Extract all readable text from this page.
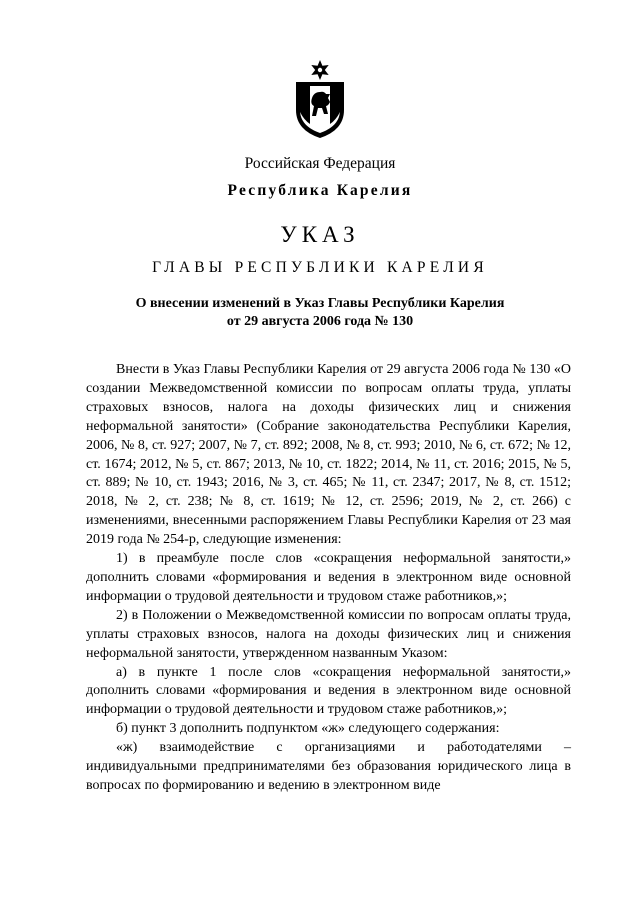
Российская Федерация
Республика Карелия
УКАЗ
ГЛАВЫ РЕСПУБЛИКИ КАРЕЛИЯ
О внесении изменений в Указ Главы Республики Карелия
от 29 августа 2006 года № 130

Внести в Указ Главы Республики Карелия от 29 августа 2006 года № 130 «О создании Межведомственной комиссии по вопросам оплаты труда, уплаты страховых взносов, налога на доходы физических лиц и снижения неформальной занятости» (Собрание законодательства Республики Карелия, 2006, № 8, ст. 927; 2007, № 7, ст. 892; 2008, № 8, ст. 993; 2010, № 6, ст. 672; № 12, ст. 1674; 2012, № 5, ст. 867; 2013, № 10, ст. 1822; 2014, № 11, ст. 2016; 2015, № 5, ст. 889; № 10, ст. 1943; 2016, № 3, ст. 465; № 11, ст. 2347; 2017, № 8, ст. 1512; 2018, № 2, ст. 238; № 8, ст. 1619; № 12, ст. 2596; 2019, № 2, ст. 266) с изменениями, внесенными распоряжением Главы Республики Карелия от 23 мая 2019 года № 254-р, следующие изменения:

1) в преамбуле после слов «сокращения неформальной занятости,» дополнить словами «формирования и ведения в электронном виде основной информации о трудовой деятельности и трудовом стаже работников,»;

2) в Положении о Межведомственной комиссии по вопросам оплаты труда, уплаты страховых взносов, налога на доходы физических лиц и снижения неформальной занятости, утвержденном названным Указом:

а) в пункте 1 после слов «сокращения неформальной занятости,» дополнить словами «формирования и ведения в электронном виде основной информации о трудовой деятельности и трудовом стаже работников,»;

б) пункт 3 дополнить подпунктом «ж» следующего содержания:

«ж) взаимодействие с организациями и работодателями – индивидуальными предпринимателями без образования юридического лица в вопросах по формированию и ведению в электронном виде
